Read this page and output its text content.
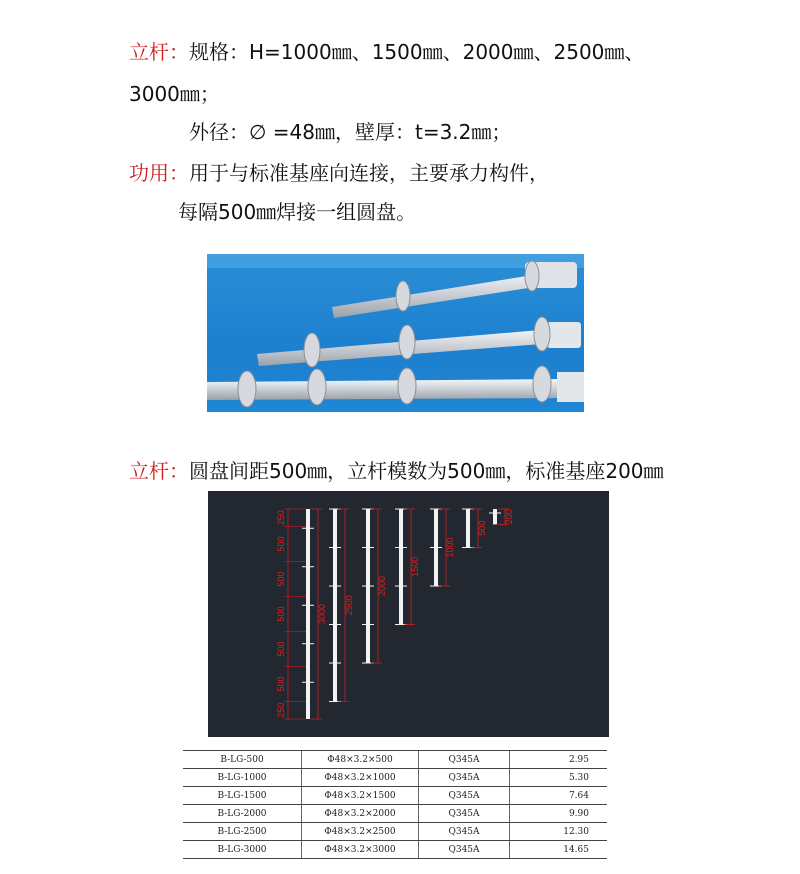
立杆：规格：H=1000㎜、1500㎜、2000㎜、2500㎜、
3000㎜；
外径：∅ =48㎜，壁厚：t=3.2㎜；
功用：用于与标准基座向连接，主要承力构件，
每隔500㎜焊接一组圆盘。
立杆：圆盘间距500㎜，立杆模数为500㎜，标准基座200㎜
3000 2500
2000
1500
1000
500
200
250
500
500
500
500
500
250
B-LG-500	Φ48×3.2×500	Q345A	2.95
B-LG-1000	Φ48×3.2×1000	Q345A	5.30
B-LG-1500	Φ48×3.2×1500	Q345A	7.64
B-LG-2000	Φ48×3.2×2000	Q345A	9.90
B-LG-2500	Φ48×3.2×2500	Q345A	12.30
B-LG-3000	Φ48×3.2×3000	Q345A	14.65
